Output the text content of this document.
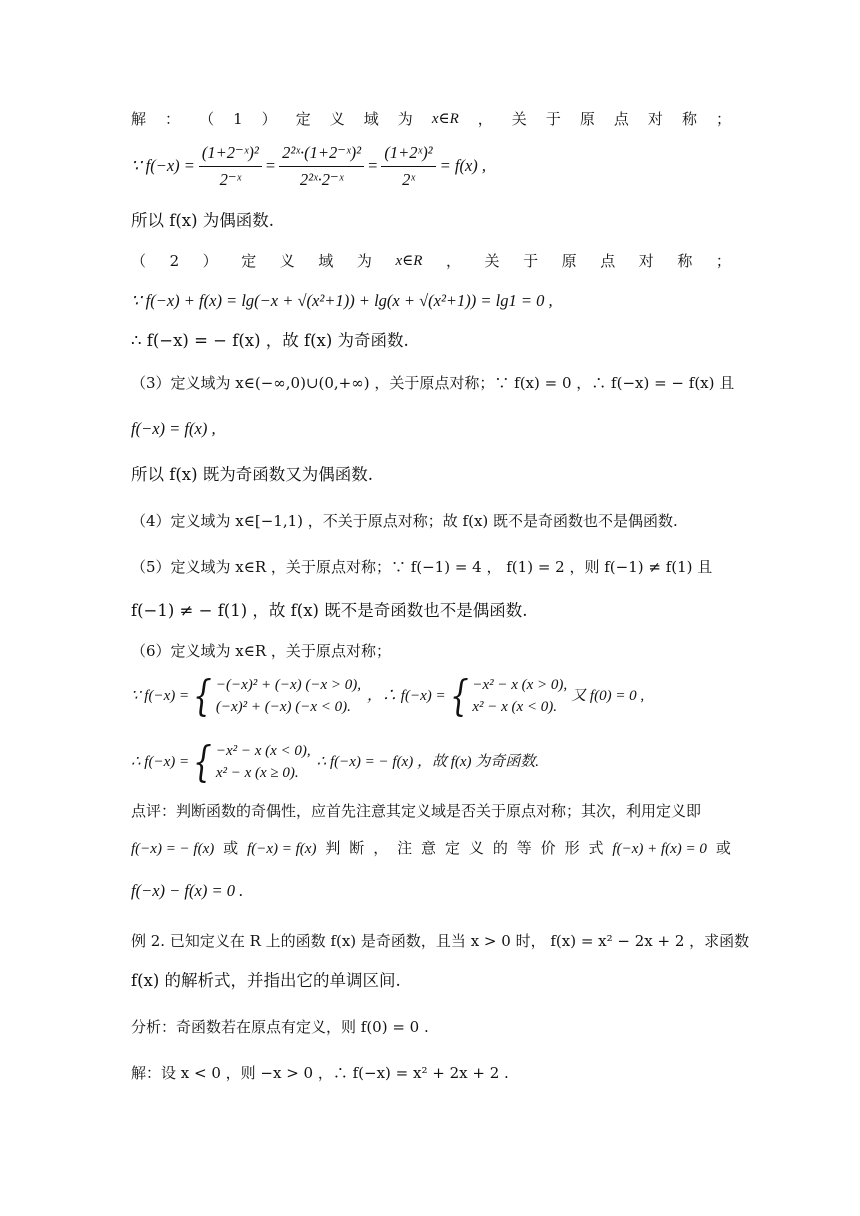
解 ： （ 1 ） 定 义 域 为 x∈R ， 关 于 原 点 对 称 ；
∵ $f(-x) = \frac{\text{(1+2⁻ˣ)²}}{\text{2⁻ˣ}} = \frac{\text{2²ˣ·(1+2⁻ˣ)²}}{\text{2²ˣ·2⁻ˣ}} = \frac{\text{(1+2ˣ)²}}{\text{2ˣ}} = f(x)$ ,
所以 f(x) 为偶函数.
（ 2 ） 定 义 域 为 x∈R ， 关 于 原 点 对 称 ；
∵ f(−x) + f(x) = lg(−x + √(x²+1)) + lg(x + √(x²+1)) = lg1 = 0 ,
∴ f(−x) = − f(x) ，故 f(x) 为奇函数.
（3）定义域为 x∈(−∞,0)∪(0,+∞) ，关于原点对称；∵ f(x) = 0 ，∴ f(−x) = − f(x) 且
f(−x) = f(x) ,
所以 f(x) 既为奇函数又为偶函数.
（4）定义域为 x∈[−1,1) ，不关于原点对称；故 f(x) 既不是奇函数也不是偶函数.
（5）定义域为 x∈R ，关于原点对称；∵ f(−1) = 4 ， f(1) = 2 ，则 f(−1) ≠ f(1) 且
f(−1) ≠ − f(1) ，故 f(x) 既不是奇函数也不是偶函数.
（6）定义域为 x∈R ，关于原点对称；
∵ f(−x) = { −(−x)² + (−x) (−x > 0),
(−x)² + (−x) (−x < 0).
，∴ f(−x) = { −x² − x (x > 0),
x² − x (x < 0).
又 f(0) = 0 ,
∴ f(−x) = { −x² − x (x < 0),
x² − x (x ≥ 0).
∴ f(−x) = − f(x) ，故 f(x) 为奇函数.
点评：判断函数的奇偶性，应首先注意其定义域是否关于原点对称；其次，利用定义即
f(−x) = − f(x) 或 f(−x) = f(x) 判 断 ， 注 意 定 义 的 等 价 形 式 f(−x) + f(x) = 0 或
f(−x) − f(x) = 0 .
例 2. 已知定义在 R 上的函数 f(x) 是奇函数，且当 x > 0 时， f(x) = x² − 2x + 2 ，求函数
f(x) 的解析式，并指出它的单调区间.
分析：奇函数若在原点有定义，则 f(0) = 0 .
解：设 x < 0 ，则 −x > 0 ，∴ f(−x) = x² + 2x + 2 .
